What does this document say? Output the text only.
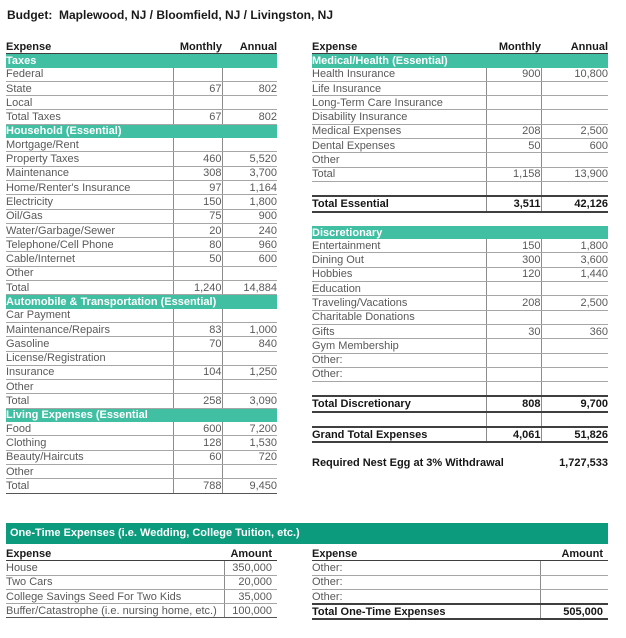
Budget:  Maplewood, NJ / Bloomfield, NJ / Livingston, NJ
Expense	Monthly	Annual
Taxes		
Federal		
State	67	802
Local		
Total Taxes	67	802
Household (Essential)		
Mortgage/Rent		
Property Taxes	460	5,520
Maintenance	308	3,700
Home/Renter's Insurance	97	1,164
Electricity	150	1,800
Oil/Gas	75	900
Water/Garbage/Sewer	20	240
Telephone/Cell Phone	80	960
Cable/Internet	50	600
Other		
Total	1,240	14,884
Automobile & Transportation (Essential)		
Car Payment		
Maintenance/Repairs	83	1,000
Gasoline	70	840
License/Registration		
Insurance	104	1,250
Other		
Total	258	3,090
Living Expenses (Essential		
Food	600	7,200
Clothing	128	1,530
Beauty/Haircuts	60	720
Other		
Total	788	9,450
Expense	Monthly	Annual
Medical/Health (Essential)		
Health Insurance	900	10,800
Life Insurance		
Long-Term Care Insurance		
Disability Insurance		
Medical Expenses	208	2,500
Dental Expenses	50	600
Other		
Total	1,158	13,900

Total Essential	3,511	42,126

Discretionary		
Entertainment	150	1,800
Dining Out	300	3,600
Hobbies	120	1,440
Education		
Traveling/Vacations	208	2,500
Charitable Donations		
Gifts	30	360
Gym Membership		
Other:		
Other:		

Total Discretionary	808	9,700

Grand Total Expenses	4,061	51,826

Required Nest Egg at 3% Withdrawal		1,727,533
One-Time Expenses (i.e. Wedding, College Tuition, etc.)
Expense	Amount
House	350,000
Two Cars	20,000
College Savings Seed For Two Kids	35,000
Buffer/Catastrophe (i.e. nursing home, etc.)	100,000
Expense	Amount
Other:	
Other:	
Other:	
Total One-Time Expenses	505,000
